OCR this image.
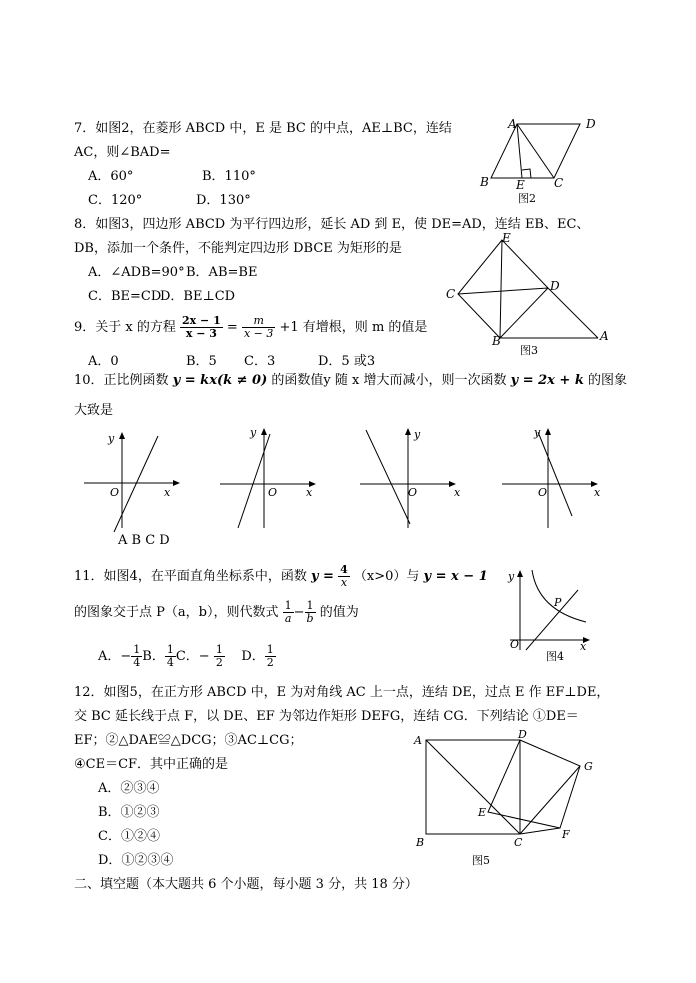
7．如图2，在菱形 ABCD 中，E 是 BC 的中点，AE⊥BC，连结
AC，则∠BAD=
A．60°	B．110°
C．120°	D．130°
A	D
B E C
图2
8．如图3，四边形 ABCD 为平行四边形，延长 AD 到 E，使 DE=AD，连结 EB、EC、
DB，添加一个条件，不能判定四边形 DBCE 为矩形的是
A．∠ADB=90° B．AB=BE
C．BE=CD
D．BE⊥CD
E
C
D
A
B
图3
9．关于 x 的方程 $\frac{2x - 1}{x - 3} = \frac{m}{x - 3} +1$ 有增根，则 m 的值是
A．0	B．5 C．3	D．5 或3
10．正比例函数 y = kx(k ≠ 0) 的函数值y 随 x 增大而减小，则一次函数 y = 2x + k 的图象
大致是
y
x
O
y
x
O
y
x
O
y
x
O
A B C D
11．如图4，在平面直角坐标系中，函数 $y = \frac{4}{x} (x>0)$与 y = x − 1
的图象交于点 P（a，b），则代数式 $\frac{1}{a} - \frac{1}{b}$ 的值为
A．− $\frac{1}{4}$ B． $\frac{1}{4}$ C．− $\frac{1}{2}$ D． $\frac{1}{2}$
y
P
O	x
图4
12．如图5，在正方形 ABCD 中，E 为对角线 AC 上一点，连结 DE，过点 E 作 EF⊥DE，
交 BC 延长线于点 F，以 DE、EF 为邻边作矩形 DEFG，连结 CG．下列结论 ①DE＝
EF；②△DAE≌△DCG；③AC⊥CG；
④CE＝CF．其中正确的是
A．②③④
B．①②③
C．①②④
D．①②③④
A	D
G
E
F
B	C
图5
二、填空题（本大题共 6 个小题，每小题 3 分，共 18 分）
